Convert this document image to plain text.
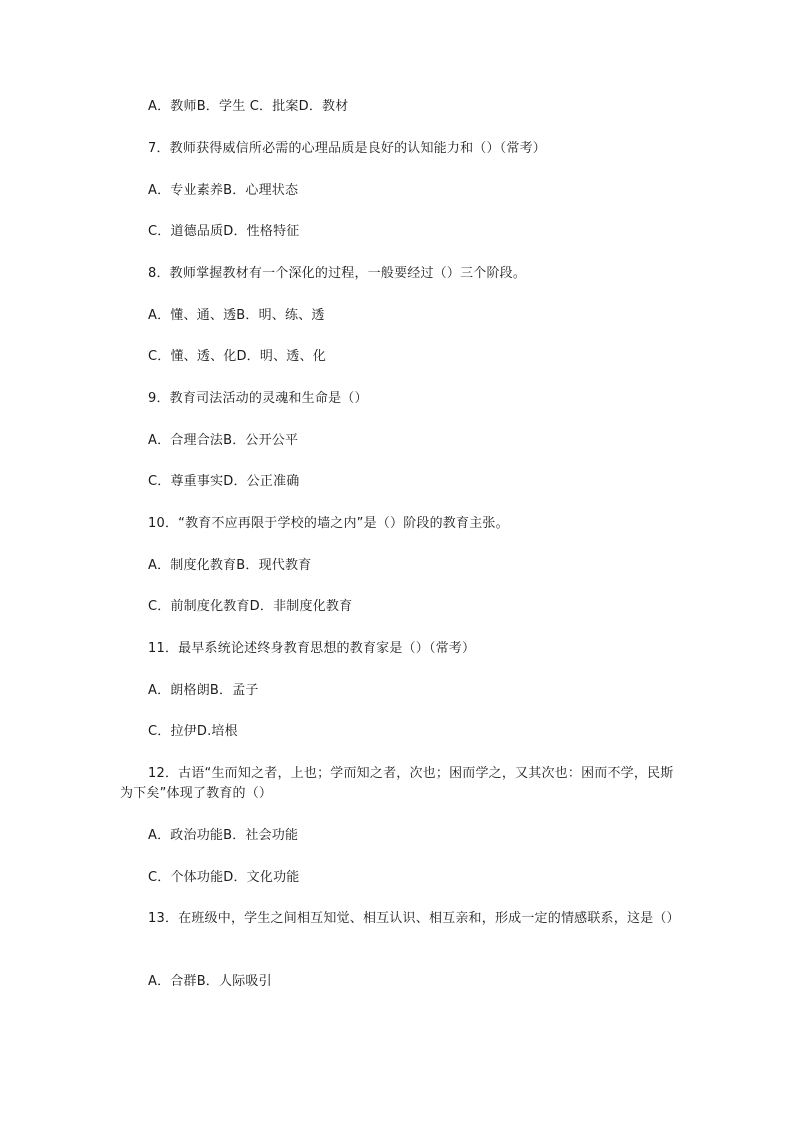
A．教师B．学生 C．批案D．教材
7．教师获得威信所必需的心理品质是良好的认知能力和（）（常考）
A．专业素养B．心理状态
C．道德品质D．性格特征
8．教师掌握教材有一个深化的过程，一般要经过（）三个阶段。
A．懂、通、透B．明、练、透
C．懂、透、化D．明、透、化
9．教育司法活动的灵魂和生命是（）
A．合理合法B．公开公平
C．尊重事实D．公正准确
10．“教育不应再限于学校的墙之内”是（）阶段的教育主张。
A．制度化教育B．现代教育
C．前制度化教育D．非制度化教育
11．最早系统论述终身教育思想的教育家是（）（常考）
A．朗格朗B．孟子
C．拉伊D.培根
12．古语“生而知之者，上也；学而知之者，次也；困而学之，又其次也：困而不学，民斯为下矣”体现了教育的（）
A．政治功能B．社会功能
C．个体功能D．文化功能
13．在班级中，学生之间相互知觉、相互认识、相互亲和，形成一定的情感联系，这是（）
A．合群B．人际吸引
